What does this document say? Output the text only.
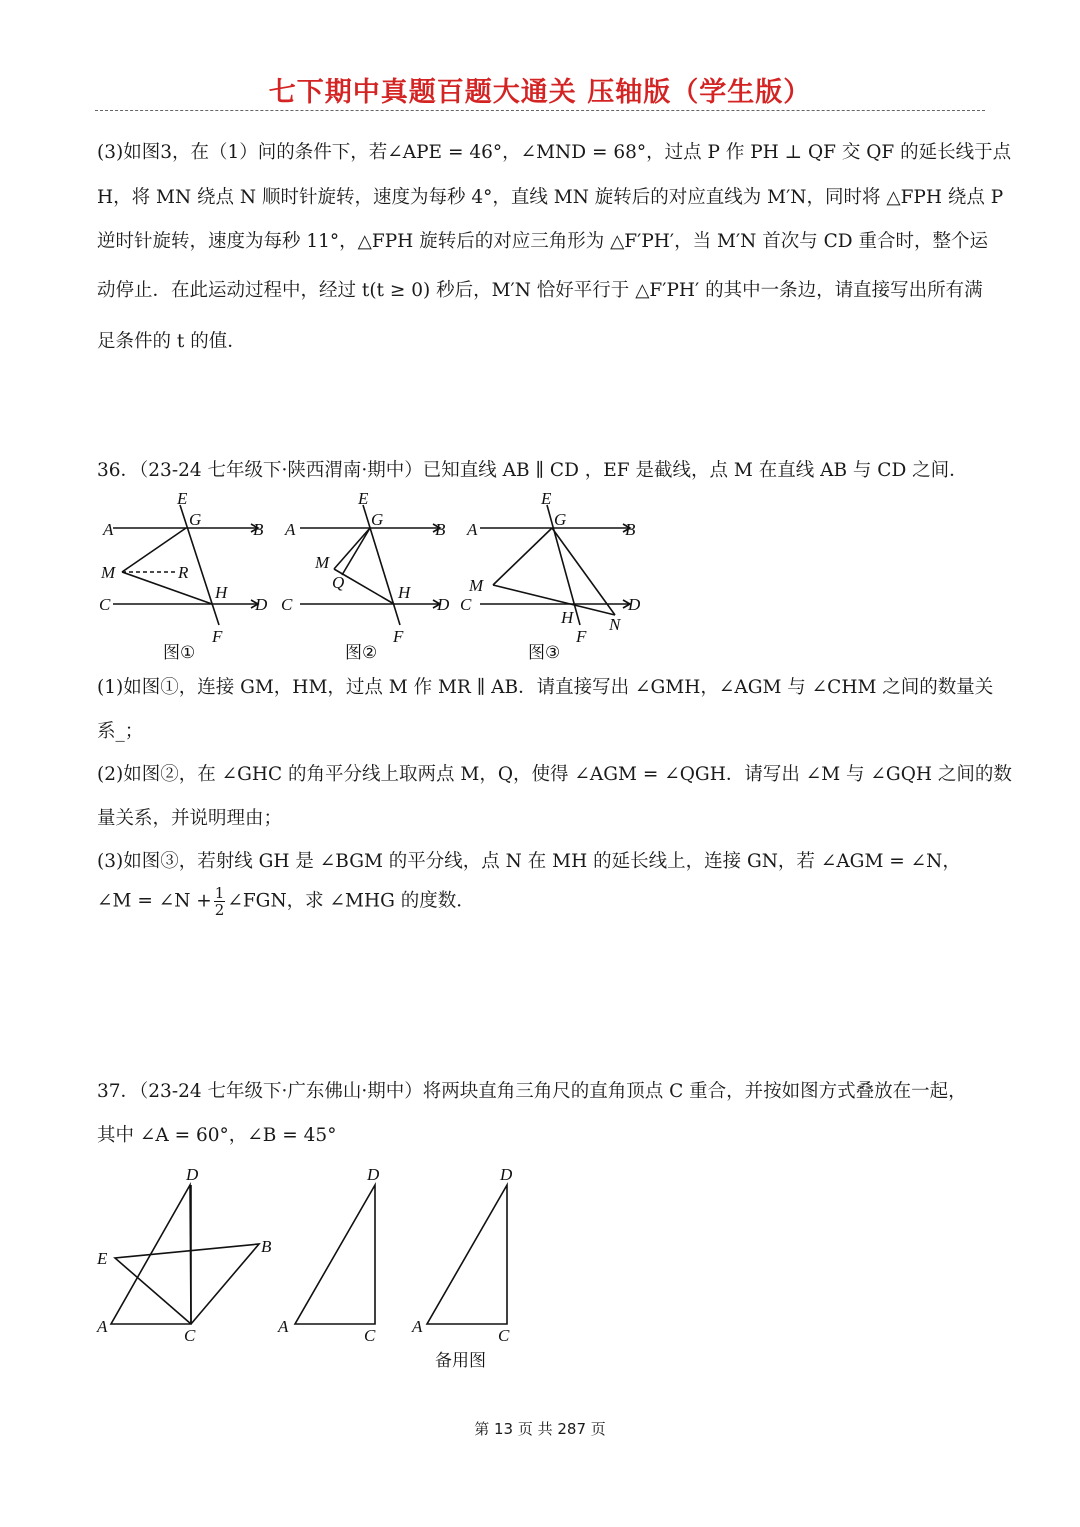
七下期中真题百题大通关 压轴版（学生版）
(3)如图3，在（1）问的条件下，若∠APE = 46°，∠MND = 68°，过点 P 作 PH ⊥ QF 交 QF 的延长线于点
H，将 MN 绕点 N 顺时针旋转，速度为每秒 4°，直线 MN 旋转后的对应直线为 M′N，同时将 △FPH 绕点 P
逆时针旋转，速度为每秒 11°，△FPH 旋转后的对应三角形为 △F′PH′，当 M′N 首次与 CD 重合时，整个运
动停止．在此运动过程中，经过 t(t ≥ 0) 秒后，M′N 恰好平行于 △F′PH′ 的其中一条边，请直接写出所有满
足条件的 t 的值．
36．（23-24 七年级下·陕西渭南·期中）已知直线 AB ∥ CD ，EF 是截线，点 M 在直线 AB 与 CD 之间．
A	B
E
G
M	R
H
C	D
F
图①
A	B
E
G
M
Q
H
C	D
F
图②
A	B
E
G
M
C	D
H
F
N
图③
(1)如图①，连接 GM，HM，过点 M 作 MR ∥ AB．请直接写出 ∠GMH，∠AGM 与 ∠CHM 之间的数量关
系_；
(2)如图②，在 ∠GHC 的角平分线上取两点 M，Q，使得 ∠AGM = ∠QGH．请写出 ∠M 与 ∠GQH 之间的数
量关系，并说明理由；
(3)如图③，若射线 GH 是 ∠BGM 的平分线，点 N 在 MH 的延长线上，连接 GN，若 ∠AGM = ∠N，
∠M = ∠N + $\frac{1}{2}$ ∠FGN，求 ∠MHG 的度数．
37．（23-24 七年级下·广东佛山·期中）将两块直角三角尺的直角顶点 C 重合，并按如图方式叠放在一起，
其中 ∠A = 60°，∠B = 45°
D
E
B
A	C
D
A	C
D
A	C
备用图
第 13 页 共 287 页
